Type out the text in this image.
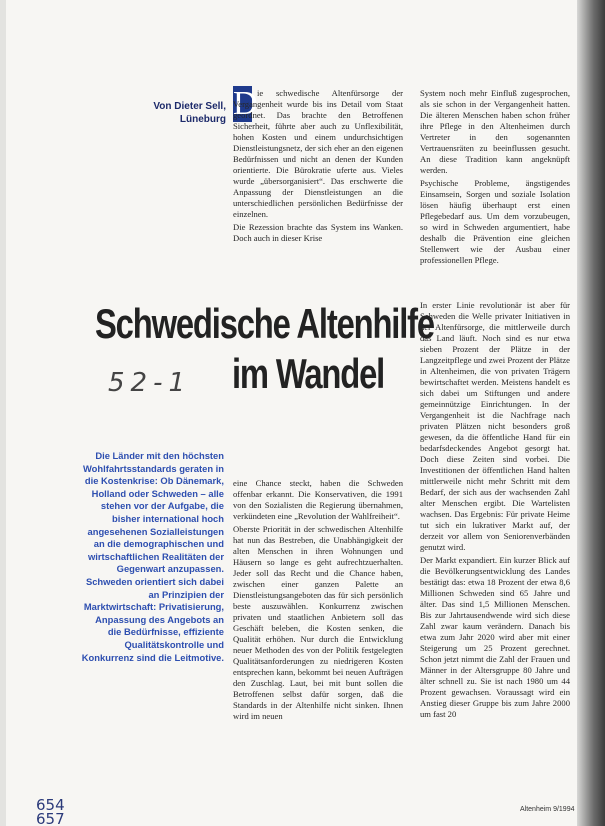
Von Dieter Sell,
Lüneburg D ie schwedische Altenfürsorge der Vergangenheit wurde bis ins Detail vom Staat geordnet. Das brachte den Betroffenen Sicherheit, führte aber auch zu Unflexibilität, hohen Kosten und einem undurchsichtigen Dienstleistungsnetz, der sich eher an den eigenen Bedürfnissen und nicht an denen der Kunden orientierte. Die Bürokratie uferte aus. Vieles wurde „übersorganisiert“. Das erschwerte die Anpassung der Dienstleistungen an die unterschiedlichen persönlichen Bedürfnisse der einzelnen.

Die Rezession brachte das System ins Wanken. Doch auch in dieser Krise

System noch mehr Einfluß zugesprochen, als sie schon in der Vergangenheit hatten. Die älteren Menschen haben schon früher ihre Pflege in den Altenheimen durch Vertreter in den sogenannten Vertrauensräten zu beeinflussen gesucht. An diese Tradition kann angeknüpft werden.

Psychische Probleme, ängstigendes Einsamsein, Sorgen und soziale Isolation lösen häufig überhaupt erst einen Pflegebedarf aus. Um dem vorzubeugen, so wird in Schweden argumentiert, habe deshalb die Prävention eine gleichen Stellenwert wie der Ausbau einer professionellen Pflege.

Schwedische Altenhilfe
im Wandel
52-1
Die Länder mit den höchsten Wohlfahrtsstandards geraten in die Kostenkrise: Ob Dänemark, Holland oder Schweden – alle stehen vor der Aufgabe, die bisher international hoch angesehenen Sozialleistungen an die demographischen und wirtschaftlichen Realitäten der Gegenwart anzupassen. Schweden orientiert sich dabei an Prinzipien der Marktwirtschaft: Privatisierung, Anpassung des Angebots an die Bedürfnisse, effiziente Qualitätskontrolle und Konkurrenz sind die Leitmotive.

eine Chance steckt, haben die Schweden offenbar erkannt. Die Konservativen, die 1991 von den Sozialisten die Regierung übernahmen, verkündeten eine „Revolution der Wahlfreiheit“.

Oberste Priorität in der schwedischen Altenhilfe hat nun das Bestreben, die Unabhängigkeit der alten Menschen in ihren Wohnungen und Häusern so lange es geht aufrechtzuerhalten. Jeder soll das Recht und die Chance haben, zwischen einer ganzen Palette an Dienstleistungsangeboten das für sich persönlich beste auszuwählen. Konkurrenz zwischen privaten und staatlichen Anbietern soll das Geschäft beleben, die Kosten senken, die Qualität erhöhen. Nur durch die Entwicklung neuer Methoden des von der Politik festgelegten Qualitätsanforderungen zu niedrigeren Kosten entsprechen kann, bekommt bei neuen Aufträgen den Zuschlag. Laut, bei mit bunt sollen die Betroffenen selbst dafür sorgen, daß die Standards in der Altenhilfe nicht sinken. Ihnen wird im neuen

In erster Linie revolutionär ist aber für Schweden die Welle privater Initiativen in der Altenfürsorge, die mittlerweile durch das Land läuft. Noch sind es nur etwa sieben Prozent der Plätze in der Langzeitpflege und zwei Prozent der Plätze in Altenheimen, die von privaten Trägern bewirtschaftet werden. Meistens handelt es sich dabei um Stiftungen und andere gemeinnützige Einrichtungen. In der Vergangenheit ist die Nachfrage nach privaten Plätzen nicht besonders groß gewesen, da die öffentliche Hand für ein bedarfsdeckendes Angebot gesorgt hat. Doch diese Zeiten sind vorbei. Die Investitionen der öffentlichen Hand halten mittlerweile nicht mehr Schritt mit dem Bedarf, der sich aus der wachsenden Zahl alter Menschen ergibt. Die Wartelisten wachsen. Das Ergebnis: Für private Heime tut sich ein lukrativer Markt auf, der derzeit vor allem von Seniorenverbänden genutzt wird.

Der Markt expandiert. Ein kurzer Blick auf die Bevölkerungsentwicklung des Landes bestätigt das: etwa 18 Prozent der etwa 8,6 Millionen Schweden sind 65 Jahre und älter. Das sind 1,5 Millionen Menschen. Bis zur Jahrtausendwende wird sich diese Zahl zwar kaum verändern. Danach bis etwa zum Jahr 2020 wird aber mit einer Steigerung um 25 Prozent gerechnet. Schon jetzt nimmt die Zahl der Frauen und Männer in der Altersgruppe 80 Jahre und älter schnell zu. Sie ist nach 1980 um 44 Prozent gewachsen. Voraussagt wird ein Anstieg dieser Gruppe bis zum Jahre 2000 um fast 20

654
657
Altenheim 9/1994
